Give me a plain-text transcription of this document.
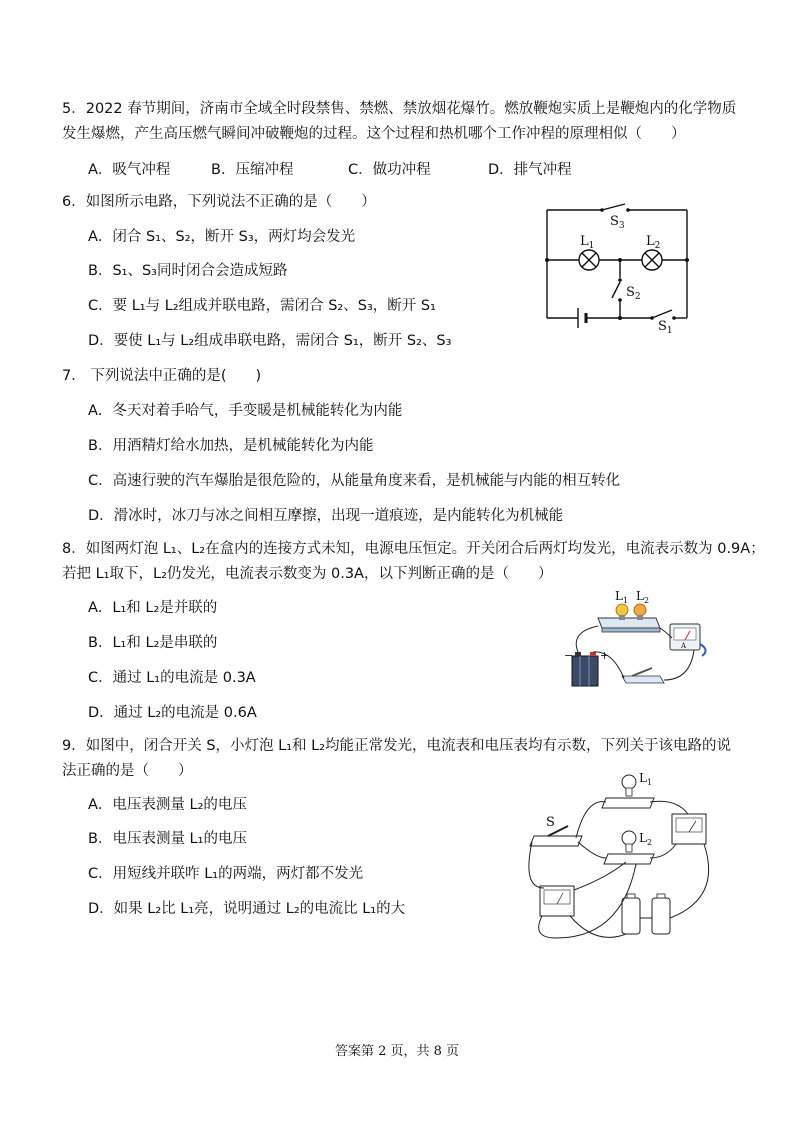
5．2022 春节期间，济南市全域全时段禁售、禁燃、禁放烟花爆竹。燃放鞭炮实质上是鞭炮内的化学物质
发生爆燃，产生高压燃气瞬间冲破鞭炮的过程。这个过程和热机哪个工作冲程的原理相似（　　）
A．吸气冲程	B．压缩冲程	C．做功冲程	D．排气冲程
6．如图所示电路，下列说法不正确的是（　　）
A．闭合 S₁、S₂，断开 S₃，两灯均会发光
B．S₁、S₃同时闭合会造成短路
C．要 L₁与 L₂组成并联电路，需闭合 S₂、S₃，断开 S₁
D．要使 L₁与 L₂组成串联电路，需闭合 S₁，断开 S₂、S₃
$S_3$
$L_1$	$L_2$
$S_2$
$S_1$
7． 下列说法中正确的是(　　)
A．冬天对着手哈气，手变暖是机械能转化为内能
B．用酒精灯给水加热，是机械能转化为内能
C．高速行驶的汽车爆胎是很危险的，从能量角度来看，是机械能与内能的相互转化
D．滑冰时，冰刀与冰之间相互摩擦，出现一道痕迹，是内能转化为机械能
8．如图两灯泡 L₁、L₂在盒内的连接方式未知，电源电压恒定。开关闭合后两灯均发光，电流表示数为 0.9A；
若把 L₁取下，L₂仍发光，电流表示数变为 0.3A，以下判断正确的是（　　）
A．L₁和 L₂是并联的
B．L₁和 L₂是串联的
C．通过 L₁的电流是 0.3A
D．通过 L₂的电流是 0.6A
$L_1$ $L_2$
A
− +
9．如图中，闭合开关 S，小灯泡 L₁和 L₂均能正常发光，电流表和电压表均有示数，下列关于该电路的说
法正确的是（　　）
A．电压表测量 L₂的电压
B．电压表测量 L₁的电压
C．用短线并联咋 L₁的两端，两灯都不发光
D．如果 L₂比 L₁亮，说明通过 L₂的电流比 L₁的大
$L_1$
$L_2$
S
答案第 2 页，共 8 页
